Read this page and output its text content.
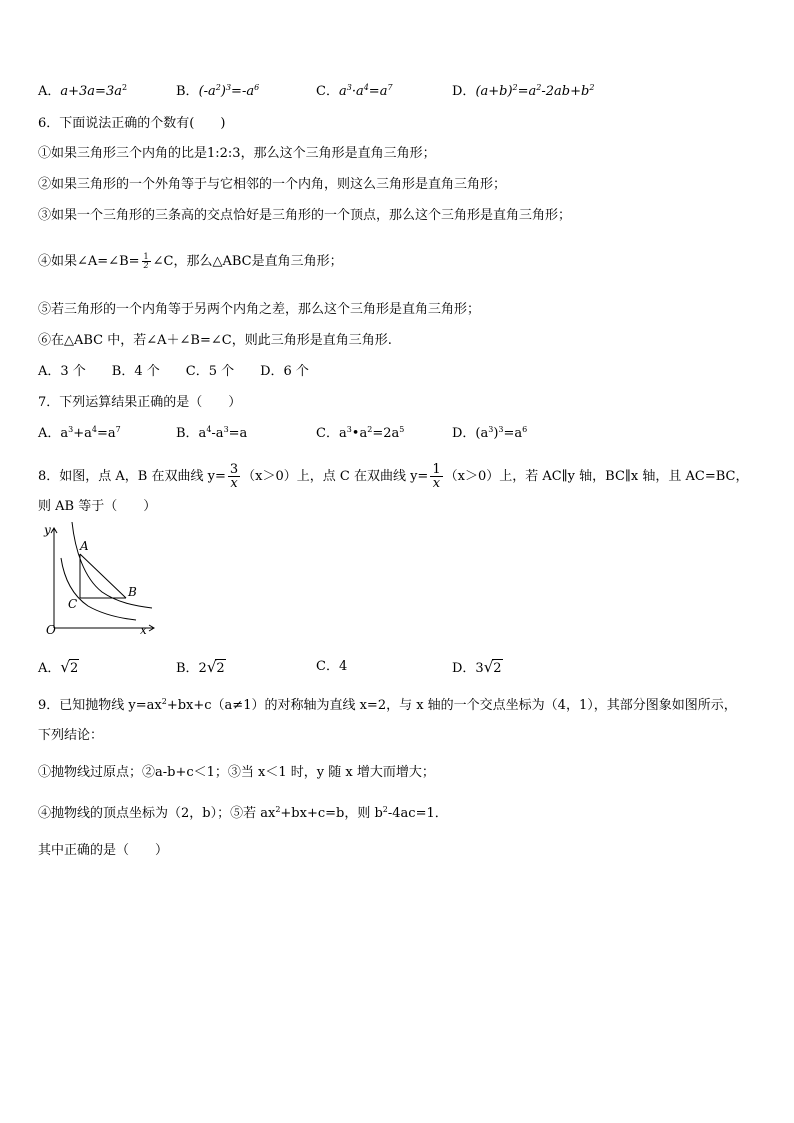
A．$a+3a=3a^2$	B．$(-a^2)^3=-a^6$	C．$a^3\cdot a^4=a^7$	D．$(a+b)^2=a^2-2ab+b^2$
6．下面说法正确的个数有(　　)
①如果三角形三个内角的比是1:2:3，那么这个三角形是直角三角形；
②如果三角形的一个外角等于与它相邻的一个内角，则这么三角形是直角三角形；
③如果一个三角形的三条高的交点恰好是三角形的一个顶点，那么这个三角形是直角三角形；
④如果∠A=∠B= $\frac{1}{2}$ ∠C，那么△ABC是直角三角形；
⑤若三角形的一个内角等于另两个内角之差，那么这个三角形是直角三角形；
⑥在△ABC 中，若∠A＋∠B=∠C，则此三角形是直角三角形.
A．3 个　　B．4 个　　C．5 个　　D．6 个
7．下列运算结果正确的是（　　）
A．$a^3+a^4=a^7$	B．$a^4-a^3=a$	C．$a^3•a^2=2a^5$	D．$(a^3)^3=a^6$
8．如图，点 A，B 在双曲线 $y= \frac{3}{x} (x>0)$上，点 C 在双曲线 $y= \frac{1}{x} (x>0)$上，若 AC∥y 轴，BC∥x 轴，且 AC=BC，
则 AB 等于（　　）
y
A
B
C
O	x
A．√2	B．2√2	C．4	D．3√2
9．已知抛物线 $y=ax^2+bx+c(a\ne 1)$的对称轴为直线 x=2，与 x 轴的一个交点坐标为（4，1），其部分图象如图所示，
下列结论：
①抛物线过原点；②a-b+c＜1；③当 x＜1 时，y 随 x 增大而增大；
④抛物线的顶点坐标为（2，b）；⑤若 $ax^2+bx+c=b$，则 $b^2-4ac=1$．
其中正确的是（　　）
